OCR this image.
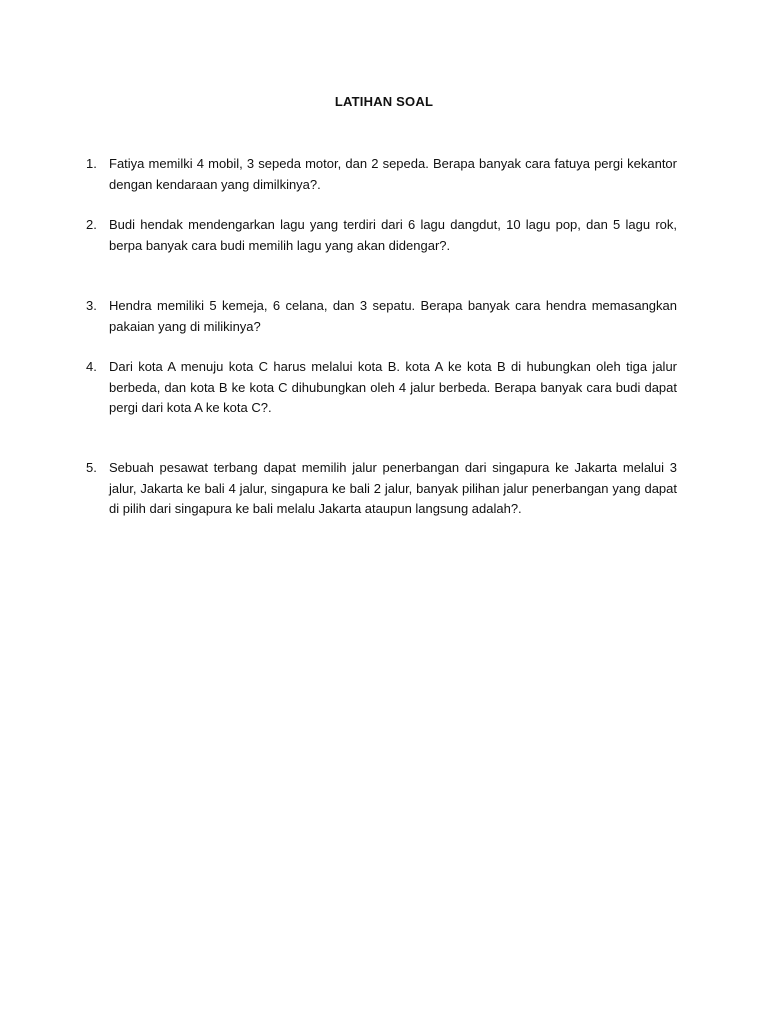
LATIHAN SOAL
1. Fatiya memilki 4 mobil, 3 sepeda motor, dan 2 sepeda. Berapa banyak cara fatuya pergi kekantor dengan kendaraan yang dimilkinya?.
2. Budi hendak mendengarkan lagu yang terdiri dari 6 lagu dangdut, 10 lagu pop, dan 5 lagu rok, berpa banyak cara budi memilih lagu yang akan didengar?.
3. Hendra memiliki 5 kemeja, 6 celana, dan 3 sepatu. Berapa banyak cara hendra memasangkan pakaian yang di milikinya?
4. Dari kota A menuju kota C harus melalui kota B. kota A ke kota B di hubungkan oleh tiga jalur berbeda, dan kota B ke kota C dihubungkan oleh 4 jalur berbeda. Berapa banyak cara budi dapat pergi dari kota A ke kota C?.
5. Sebuah pesawat terbang dapat memilih jalur penerbangan dari singapura ke Jakarta melalui 3 jalur, Jakarta ke bali 4 jalur, singapura ke bali 2 jalur, banyak pilihan jalur penerbangan yang dapat di pilih dari singapura ke bali melalu Jakarta ataupun langsung adalah?.
